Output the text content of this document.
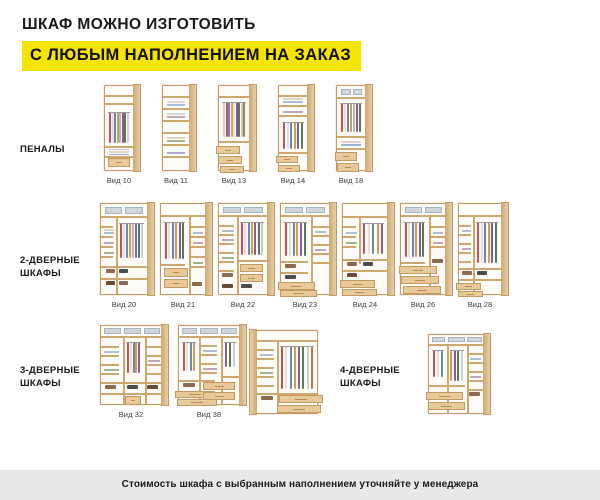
ШКАФ МОЖНО ИЗГОТОВИТЬ
С ЛЮБЫМ НАПОЛНЕНИЕМ НА ЗАКАЗ
ПЕНАЛЫ
Вид 10	Вид 11	Вид 13	Вид 14	Вид 18
2-ДВЕРНЫЕ
ШКАФЫ
Вид 20	Вид 21	Вид 22	Вид 23	Вид 24	Вид 26	Вид 28
3-ДВЕРНЫЕ
ШКАФЫ
Вид 32	Вид 38
4-ДВЕРНЫЕ
ШКАФЫ
Стоимость шкафа с выбранным наполнением уточняйте у менеджера
